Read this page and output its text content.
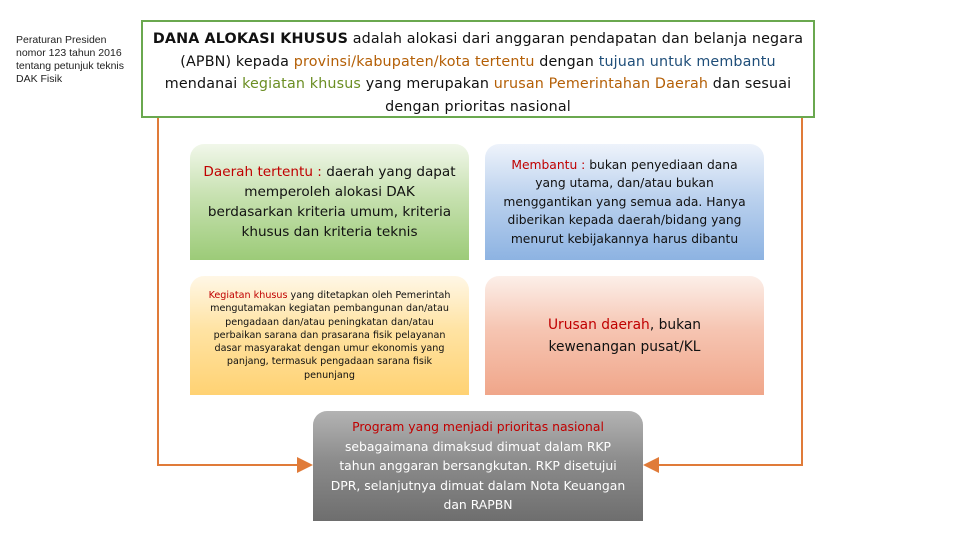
Peraturan Presiden nomor 123 tahun 2016 tentang petunjuk teknis DAK Fisik
DANA ALOKASI KHUSUS adalah alokasi dari anggaran pendapatan dan belanja negara (APBN) kepada provinsi/kabupaten/kota tertentu dengan tujuan untuk membantu mendanai kegiatan khusus yang merupakan urusan Pemerintahan Daerah dan sesuai dengan prioritas nasional
Daerah tertentu : daerah yang dapat memperoleh alokasi DAK berdasarkan kriteria umum, kriteria khusus dan kriteria teknis
Membantu : bukan penyediaan dana yang utama, dan/atau bukan menggantikan yang semua ada. Hanya diberikan kepada daerah/bidang yang menurut kebijakannya harus dibantu
Kegiatan khusus yang ditetapkan oleh Pemerintah mengutamakan kegiatan pembangunan dan/atau pengadaan dan/atau peningkatan dan/atau perbaikan sarana dan prasarana fisik pelayanan dasar masyarakat dengan umur ekonomis yang panjang, termasuk pengadaan sarana fisik penunjang
Urusan daerah, bukan kewenangan pusat/KL
Program yang menjadi prioritas nasional sebagaimana dimaksud dimuat dalam RKP tahun anggaran bersangkutan. RKP disetujui DPR, selanjutnya dimuat dalam Nota Keuangan dan RAPBN
